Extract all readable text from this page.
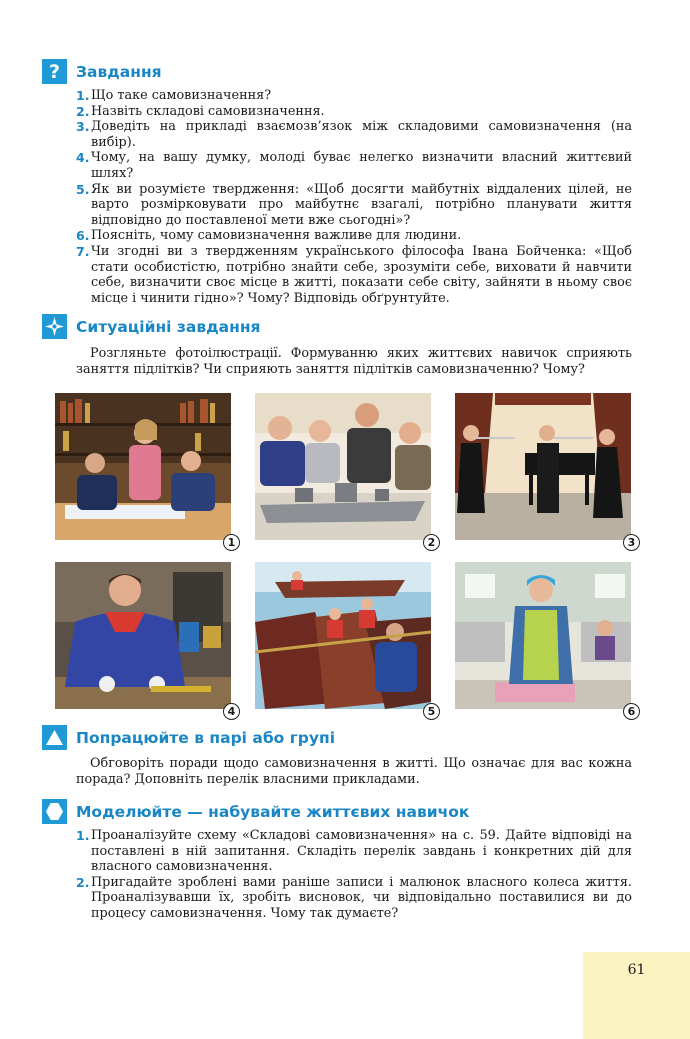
?	Завдання
1. Що таке самовизначення?
2. Назвіть складові самовизначення.
3. Доведіть на прикладі взаємозв’язок між складовими самовизначення (на вибір).
4. Чому, на вашу думку, молоді буває нелегко визначити власний життєвий шлях?
5. Як ви розумієте твердження: «Щоб досягти майбутніх віддалених цілей, не варто розмірковувати про майбутнє взагалі, потрібно планувати життя відповідно до поставленої мети вже сьогодні»?
6. Поясніть, чому самовизначення важливе для людини.
7. Чи згодні ви з твердженням українського філософа Івана Бойченка: «Щоб стати особистістю, потрібно знайти себе, зрозуміти себе, виховати й навчити себе, визначити своє місце в житті, показати себе світу, зайняти в ньому своє місце і чинити гідно»? Чому? Відповідь обґрунтуйте.
Ситуаційні завдання

Розгляньте фотоілюстрації. Формуванню яких життєвих навичок сприяють заняття підлітків? Чи сприяють заняття підлітків самовизначенню? Чому?

1	2	3
4	5	6
Попрацюйте в парі або групі

Обговоріть поради щодо самовизначення в житті. Що означає для вас кожна порада? Доповніть перелік власними прикладами.

Моделюйте — набувайте життєвих навичок
1. Проаналізуйте схему «Складові самовизначення» на с. 59. Дайте відповіді на поставлені в ній запитання. Складіть перелік завдань і конкретних дій для власного самовизначення.
2. Пригадайте зроблені вами раніше записи і малюнок власного колеса життя. Проаналізувавши їх, зробіть висновок, чи відповідально поставилися ви до процесу самовизначення. Чому так думаєте?
61
